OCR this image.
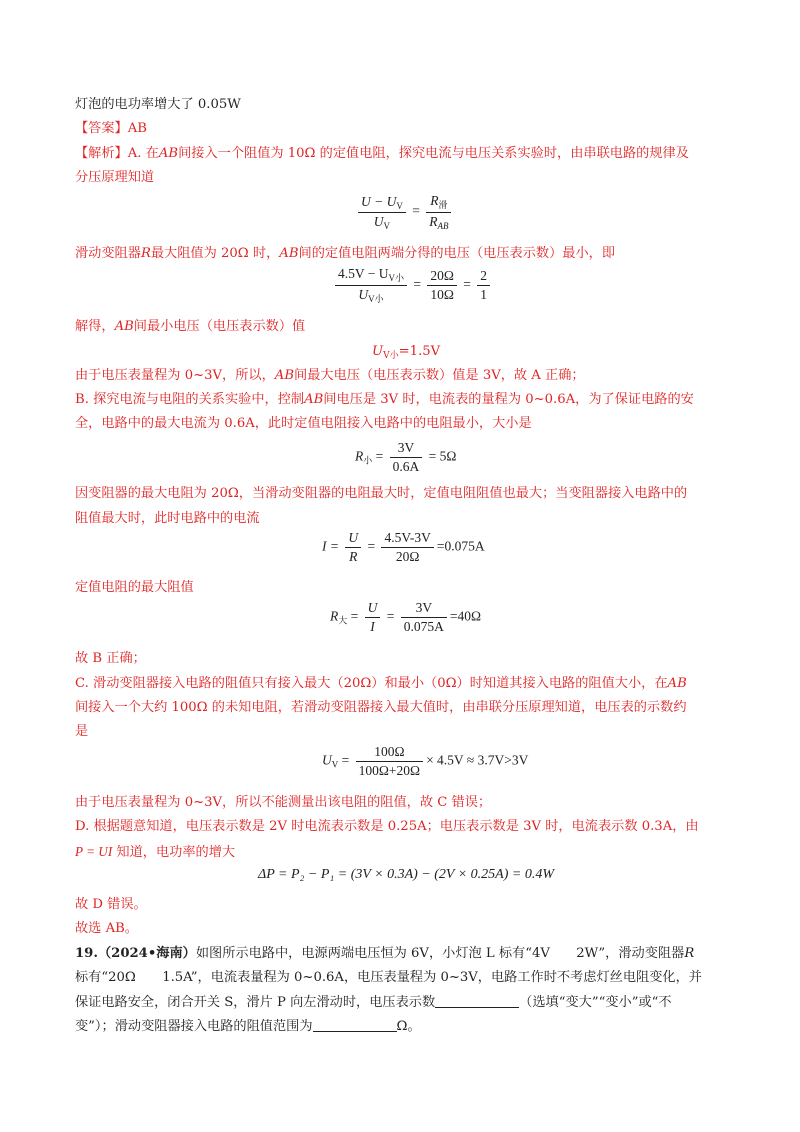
灯泡的电功率增大了 0.05W
【答案】AB
【解析】A. 在AB间接入一个阻值为 10Ω 的定值电阻，探究电流与电压关系实验时，由串联电路的规律及
分压原理知道
$\frac{U - U_V}{U_V} = \frac{R_滑}{R_{AB}}$
滑动变阻器R最大阻值为 20Ω 时，AB间的定值电阻两端分得的电压（电压表示数）最小，即
$\frac{4.5V - U_{V小}}{U_{V小}} = \frac{20\Omega}{10\Omega} = \frac{2}{1}$
解得，AB间最小电压（电压表示数）值
$U_{V小}=1.5V$
由于电压表量程为 0~3V，所以，AB间最大电压（电压表示数）值是 3V，故 A 正确；
B. 探究电流与电阻的关系实验中，控制AB间电压是 3V 时，电流表的量程为 0~0.6A，为了保证电路的安
全，电路中的最大电流为 0.6A，此时定值电阻接入电路中的电阻最小，大小是
$R_小 = \frac{3V}{0.6A} = 5\Omega$
因变阻器的最大电阻为 20Ω，当滑动变阻器的电阻最大时，定值电阻阻值也最大；当变阻器接入电路中的
阻值最大时，此时电路中的电流
$I = \frac{U}{R} = \frac{4.5V-3V}{20\Omega} =0.075A$
定值电阻的最大阻值
$R_大 = \frac{U}{I} = \frac{3V}{0.075A} =40\Omega$
故 B 正确；
C. 滑动变阻器接入电路的阻值只有接入最大（20Ω）和最小（0Ω）时知道其接入电路的阻值大小，在AB
间接入一个大约 100Ω 的未知电阻，若滑动变阻器接入最大值时，由串联分压原理知道，电压表的示数约
是
$U_V = \frac{100\Omega}{100\Omega+20\Omega} \times 4.5V \approx 3.7V>3V$
由于电压表量程为 0~3V，所以不能测量出该电阻的阻值，故 C 错误；
D. 根据题意知道，电压表示数是 2V 时电流表示数是 0.25A；电压表示数是 3V 时，电流表示数 0.3A，由
P = UI 知道，电功率的增大
ΔP = P₂ − P₁ = (3V × 0.3A) − (2V × 0.25A) = 0.4W
故 D 错误。
故选 AB。
19.（2024•海南）如图所示电路中，电源两端电压恒为 6V，小灯泡 L 标有“4V　　2W”，滑动变阻器R
标有“20Ω　　1.5A”，电流表量程为 0~0.6A，电压表量程为 0~3V，电路工作时不考虑灯丝电阻变化，并
保证电路安全，闭合开关 S，滑片 P 向左滑动时，电压表示数	（选填“变大”“变小”或“不
变”）；滑动变阻器接入电路的阻值范围为	Ω。
